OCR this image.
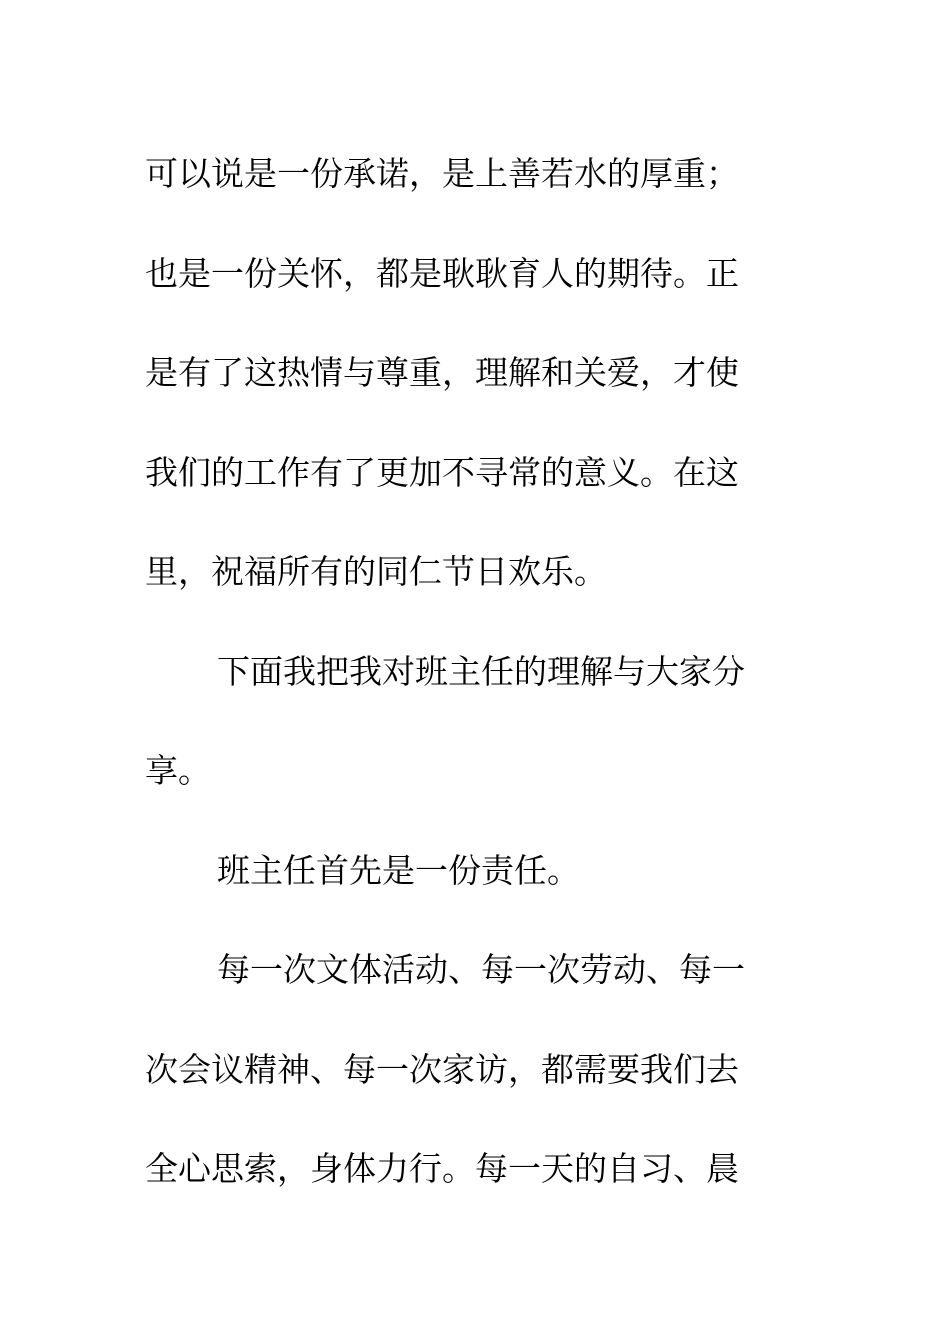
可以说是一份承诺，是上善若水的厚重；
也是一份关怀，都是耿耿育人的期待。正
是有了这热情与尊重，理解和关爱，才使
我们的工作有了更加不寻常的意义。在这
里，祝福所有的同仁节日欢乐。
下面我把我对班主任的理解与大家分
享。
班主任首先是一份责任。
每一次文体活动、每一次劳动、每一
次会议精神、每一次家访，都需要我们去
全心思索，身体力行。每一天的自习、晨
